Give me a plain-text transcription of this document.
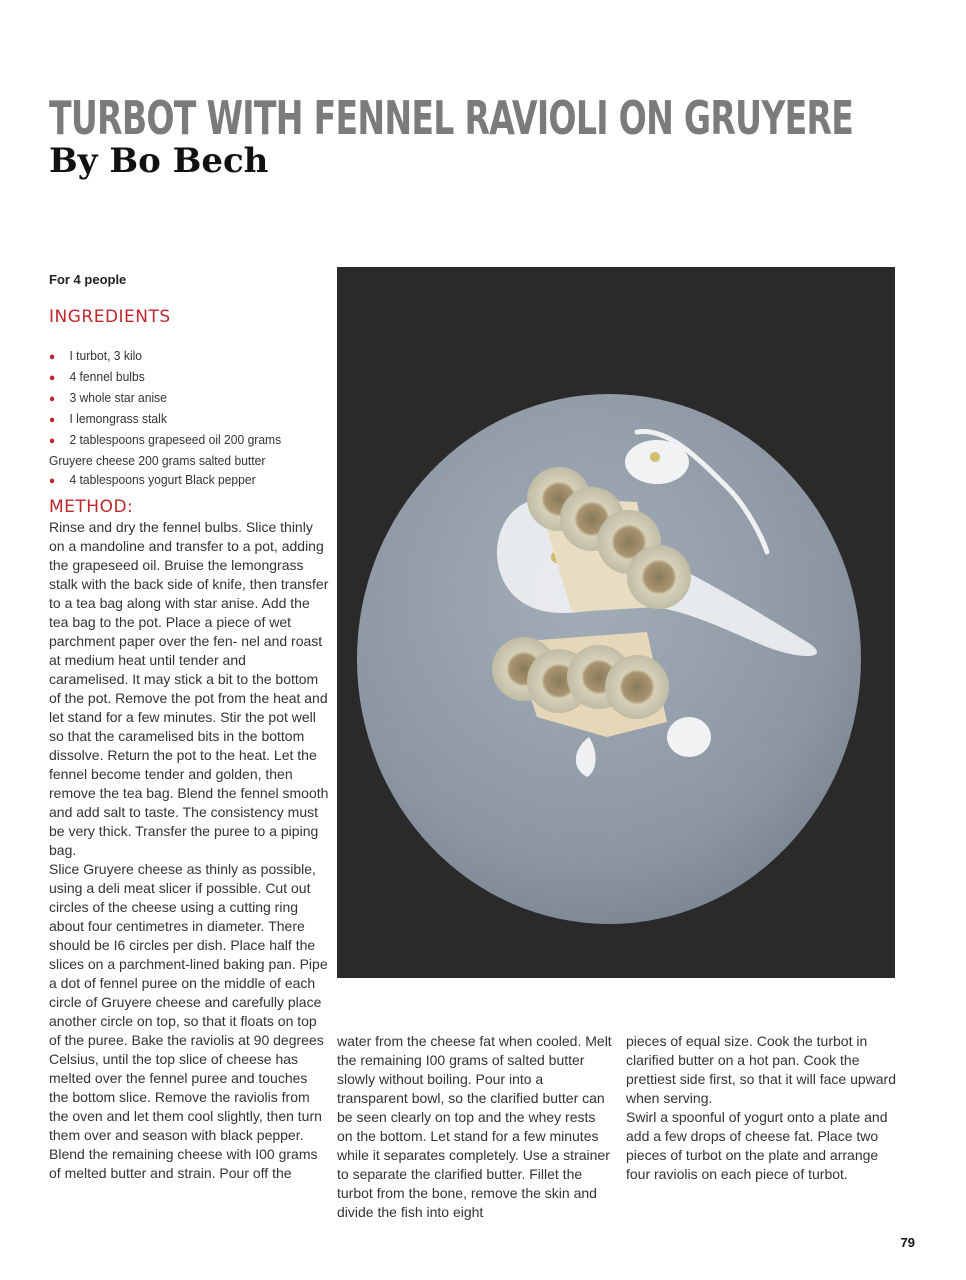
TURBOT WITH FENNEL RAVIOLI ON GRUYERE
By Bo Bech
For 4 people
INGREDIENTS
● I turbot, 3 kilo
● 4 fennel bulbs
● 3 whole star anise
● I lemongrass stalk
● 2 tablespoons grapeseed oil 200 grams
Gruyere cheese 200 grams salted butter
● 4 tablespoons yogurt Black pepper
METHOD:

Rinse and dry the fennel bulbs. Slice thinly on a mandoline and transfer to a pot, adding the grapeseed oil. Bruise the lemongrass stalk with the back side of knife, then transfer to a tea bag along with star anise. Add the tea bag to the pot. Place a piece of wet parchment paper over the fen- nel and roast at medium heat until tender and caramelised. It may stick a bit to the bottom of the pot. Remove the pot from the heat and let stand for a few minutes. Stir the pot well so that the caramelised bits in the bottom dissolve. Return the pot to the heat. Let the fennel become tender and golden, then remove the tea bag. Blend the fennel smooth and add salt to taste. The consistency must be very thick. Transfer the puree to a piping bag.

Slice Gruyere cheese as thinly as possible, using a deli meat slicer if possible. Cut out circles of the cheese using a cutting ring about four centimetres in diameter. There should be I6 circles per dish. Place half the slices on a parchment-lined baking pan. Pipe a dot of fennel puree on the middle of each circle of Gruyere cheese and carefully place another circle on top, so that it floats on top of the puree. Bake the raviolis at 90 degrees Celsius, until the top slice of cheese has melted over the fennel puree and touches the bottom slice. Remove the raviolis from the oven and let them cool slightly, then turn them over and season with black pepper. Blend the remaining cheese with I00 grams of melted butter and strain. Pour off the

water from the cheese fat when cooled. Melt the remaining I00 grams of salted butter slowly without boiling. Pour into a transparent bowl, so the clarified butter can be seen clearly on top and the whey rests on the bottom. Let stand for a few minutes while it separates completely. Use a strainer to separate the clarified butter. Fillet the turbot from the bone, remove the skin and divide the fish into eight

pieces of equal size. Cook the turbot in clarified butter on a hot pan. Cook the prettiest side first, so that it will face upward when serving.

Swirl a spoonful of yogurt onto a plate and add a few drops of cheese fat. Place two pieces of turbot on the plate and arrange four raviolis on each piece of turbot.

79
